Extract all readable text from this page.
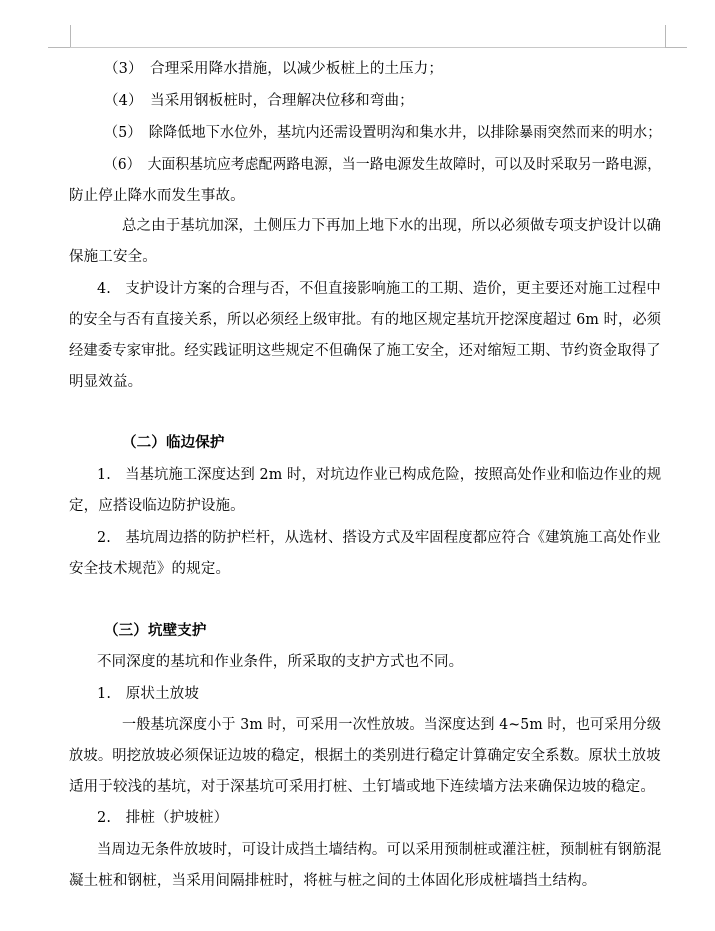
（3）　合理采用降水措施，以减少板桩上的土压力；
（4）　当采用钢板桩时，合理解决位移和弯曲；
（5）　除降低地下水位外，基坑内还需设置明沟和集水井，以排除暴雨突然而来的明水；
（6）　大面积基坑应考虑配两路电源，当一路电源发生故障时，可以及时采取另一路电源，
防止停止降水而发生事故。
总之由于基坑加深，土侧压力下再加上地下水的出现，所以必须做专项支护设计以确
保施工安全。
4.　支护设计方案的合理与否，不但直接影响施工的工期、造价，更主要还对施工过程中
的安全与否有直接关系，所以必须经上级审批。有的地区规定基坑开挖深度超过 6m 时，必须
经建委专家审批。经实践证明这些规定不但确保了施工安全，还对缩短工期、节约资金取得了
明显效益。
（二）临边保护
1.　当基坑施工深度达到 2m 时，对坑边作业已构成危险，按照高处作业和临边作业的规
定，应搭设临边防护设施。
2.　基坑周边搭的防护栏杆，从选材、搭设方式及牢固程度都应符合《建筑施工高处作业
安全技术规范》的规定。
（三）坑壁支护
不同深度的基坑和作业条件，所采取的支护方式也不同。
1.　原状土放坡
一般基坑深度小于 3m 时，可采用一次性放坡。当深度达到 4~5m 时，也可采用分级
放坡。明挖放坡必须保证边坡的稳定，根据土的类别进行稳定计算确定安全系数。原状土放坡
适用于较浅的基坑，对于深基坑可采用打桩、土钉墙或地下连续墙方法来确保边坡的稳定。
2.　排桩（护坡桩）
当周边无条件放坡时，可设计成挡土墙结构。可以采用预制桩或灌注桩，预制桩有钢筋混
凝土桩和钢桩，当采用间隔排桩时，将桩与桩之间的土体固化形成桩墙挡土结构。
